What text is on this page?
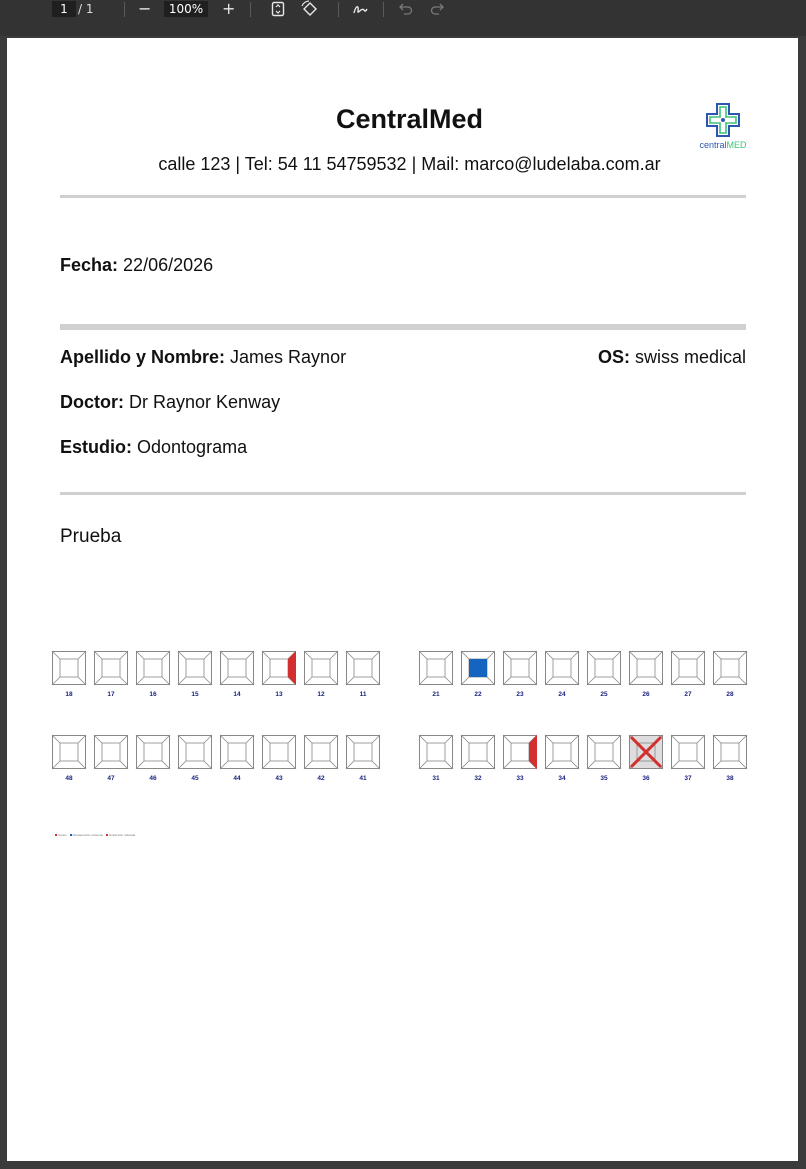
1 / 1	−	100%	+
CentralMed
calle 123 | Tel: 54 11 54759532 | Mail: marco@ludelaba.com.ar
centralMED
Fecha: 22/06/2026
Apellido y Nombre: James Raynor	OS: swiss medical
Doctor: Dr Raynor Kenway
Estudio: Odontograma
Prueba
18	17	16	15	14	13	12	11	21	22	23	24	25	26	27	28
48	47	46	45	44	43	42	41	31	32	33	34	35	36	37	38
Caries Restauración existente Extracción indicada
